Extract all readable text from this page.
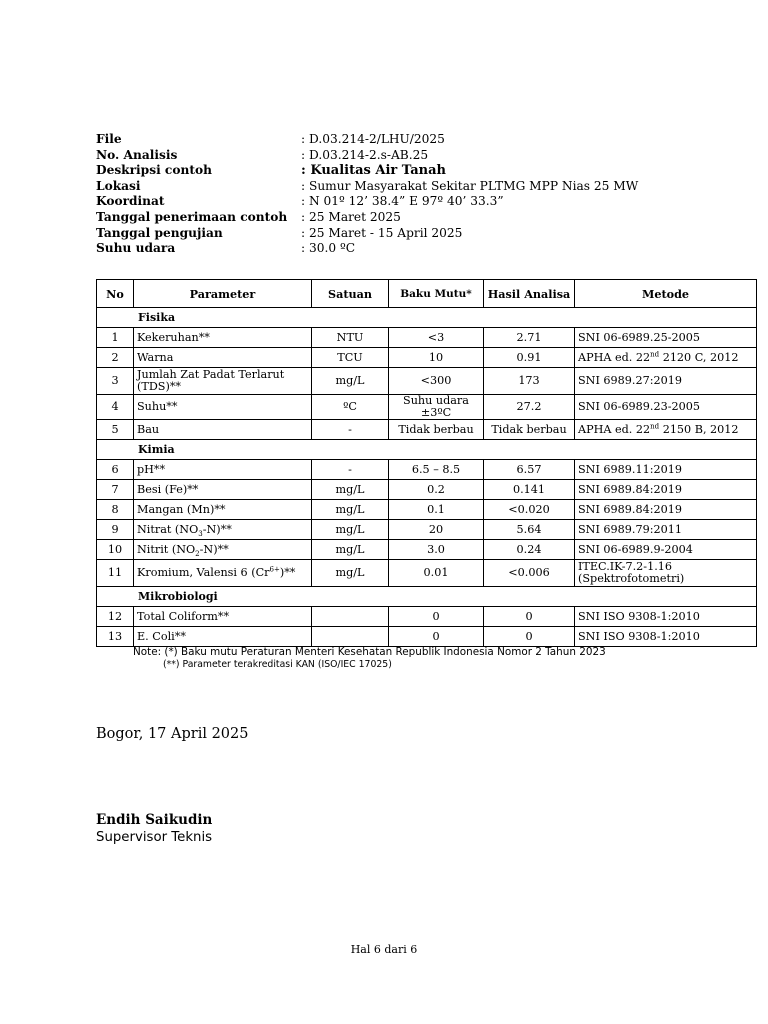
File	: D.03.214-2/LHU/2025
No. Analisis	: D.03.214-2.s-AB.25
Deskripsi contoh	: Kualitas Air Tanah
Lokasi	: Sumur Masyarakat Sekitar PLTMG MPP Nias 25 MW
Koordinat	: N 01º 12’ 38.4” E 97º 40’ 33.3”
Tanggal penerimaan contoh : 25 Maret 2025
Tanggal pengujian	: 25 Maret - 15 April 2025
Suhu udara	: 30.0 ºC
No	Parameter	Satuan	Baku Mutu*	Hasil Analisa	Metode
Fisika					
1	Kekeruhan**	NTU	<3	2.71	SNI 06-6989.25-2005
2	Warna	TCU	10	0.91	APHA ed. 22nd 2120 C, 2012
3	Jumlah Zat Padat Terlarut (TDS)**	mg/L	<300	173	SNI 6989.27:2019
4	Suhu**	ºC	Suhu udara ±3ºC	27.2	SNI 06-6989.23-2005
5	Bau	-	Tidak berbau	Tidak berbau	APHA ed. 22nd 2150 B, 2012
Kimia					
6	pH**	-	6.5 – 8.5	6.57	SNI 6989.11:2019
7	Besi (Fe)**	mg/L	0.2	0.141	SNI 6989.84:2019
8	Mangan (Mn)**	mg/L	0.1	<0.020	SNI 6989.84:2019
9	Nitrat $(NO_3-N)**$	mg/L	20	5.64	SNI 6989.79:2011
10	Nitrit $(NO_2-N)**$	mg/L	3.0	0.24	SNI 06-6989.9-2004
11	Kromium, Valensi 6 $(Cr^{6+})**$	mg/L	0.01	<0.006	ITEC.IK-7.2-1.16 (Spektrofotometri)
Mikrobiologi					
12	Total Coliform**		0	0	SNI ISO 9308-1:2010
13	E. Coli**		0	0	SNI ISO 9308-1:2010
Note: (*) Baku mutu Peraturan Menteri Kesehatan Republik Indonesia Nomor 2 Tahun 2023
(**) Parameter terakreditasi KAN (ISO/IEC 17025)
Bogor, 17 April 2025
Endih Saikudin
Supervisor Teknis
Hal 6 dari 6
